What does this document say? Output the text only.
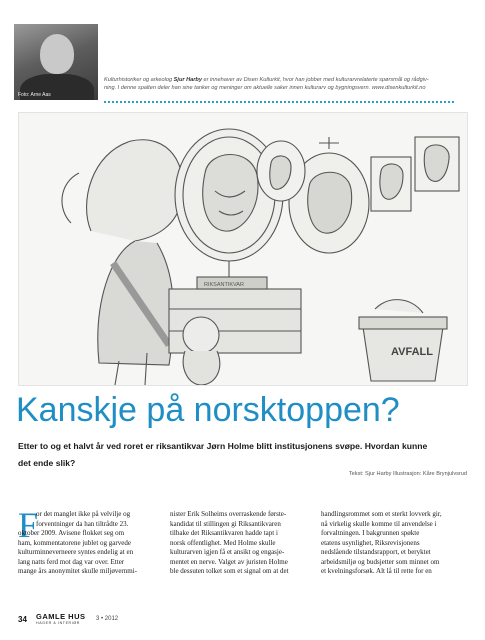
Foto: Arne Aas
Kulturhistoriker og arkeolog Sjur Harby er innehaver av Disen Kulturkit, hvor han jobber med kulturarvrelaterte spørsmål og rådgiv-
ning. I denne spalten deler han sine tanker og meninger om aktuelle saker innen kulturarv og bygningsvern. www.disenkulturkit.no
AVFALL
RIKSANTIKVAR
Kanskje på norsktoppen?
Etter to og et halvt år ved roret er riksantikvar Jørn Holme blitt institusjonens svøpe. Hvordan kunne
det ende slik?
Tekst: Sjur Harby Illustrasjon: Kåre Brynjulvsrud
F
or det manglet ikke på velvilje og
forventninger da han tiltrådte 23.
oktober 2009. Avisene flokket seg om
ham, kommentatorene jublet og garvede
kulturminneverneere syntes endelig at en
lang natts ferd mot dag var over. Etter
mange års anonymitet skulle miljøvernmi-
nister Erik Solheims overraskende første-
kandidat til stillingen gi Riksantikvaren
tilbake det Riksantikvaren hadde tapt i
norsk offentlighet. Med Holme skulle
kulturarven igjen få et ansikt og engasje-
mentet en nerve. Valget av juristen Holme
ble dessuten tolket som et signal om at det
handlingsrommet som et sterkt lovverk gir,
nå virkelig skulle komme til anvendelse i
forvaltningen. I bakgrunnen spøkte
etatens usynlighet, Riksrevisjonens
nedslående tilstandsrapport, et beryktet
arbeidsmiljø og budsjetter som minnet om
et kvelningsforsøk. Alt lå til rette for en
34 GAMLE HUS
HAGER & INTERIØR
3 • 2012
